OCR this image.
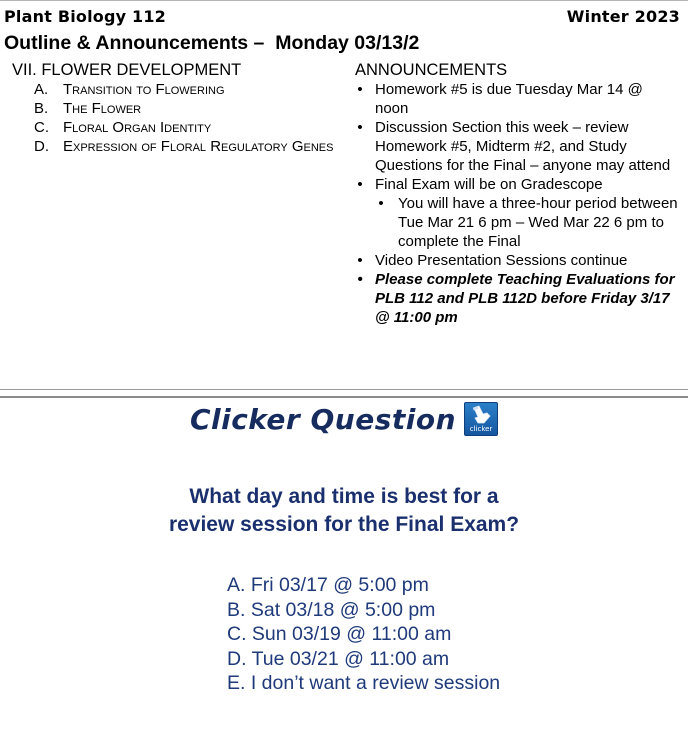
Plant Biology 112	Winter 2023
Outline & Announcements –  Monday 03/13/2
VII. FLOWER DEVELOPMENT
A. Transition to Flowering
B. The Flower
C. Floral Organ Identity
D. Expression of Floral Regulatory Genes
ANNOUNCEMENTS
• Homework #5 is due Tuesday Mar 14 @ noon
• Discussion Section this week – review Homework #5, Midterm #2, and Study Questions for the Final – anyone may attend
• Final Exam will be on Gradescope
• You will have a three-hour period between Tue Mar 21 6 pm – Wed Mar 22 6 pm to complete the Final
• Video Presentation Sessions continue
• Please complete Teaching Evaluations for PLB 112 and PLB 112D before Friday 3/17 @ 11:00 pm
Clicker Question	clicker
What day and time is best for a
review session for the Final Exam?
A. Fri 03/17 @ 5:00 pm
B. Sat 03/18 @ 5:00 pm
C. Sun 03/19 @ 11:00 am
D. Tue 03/21 @ 11:00 am
E. I don’t want a review session
